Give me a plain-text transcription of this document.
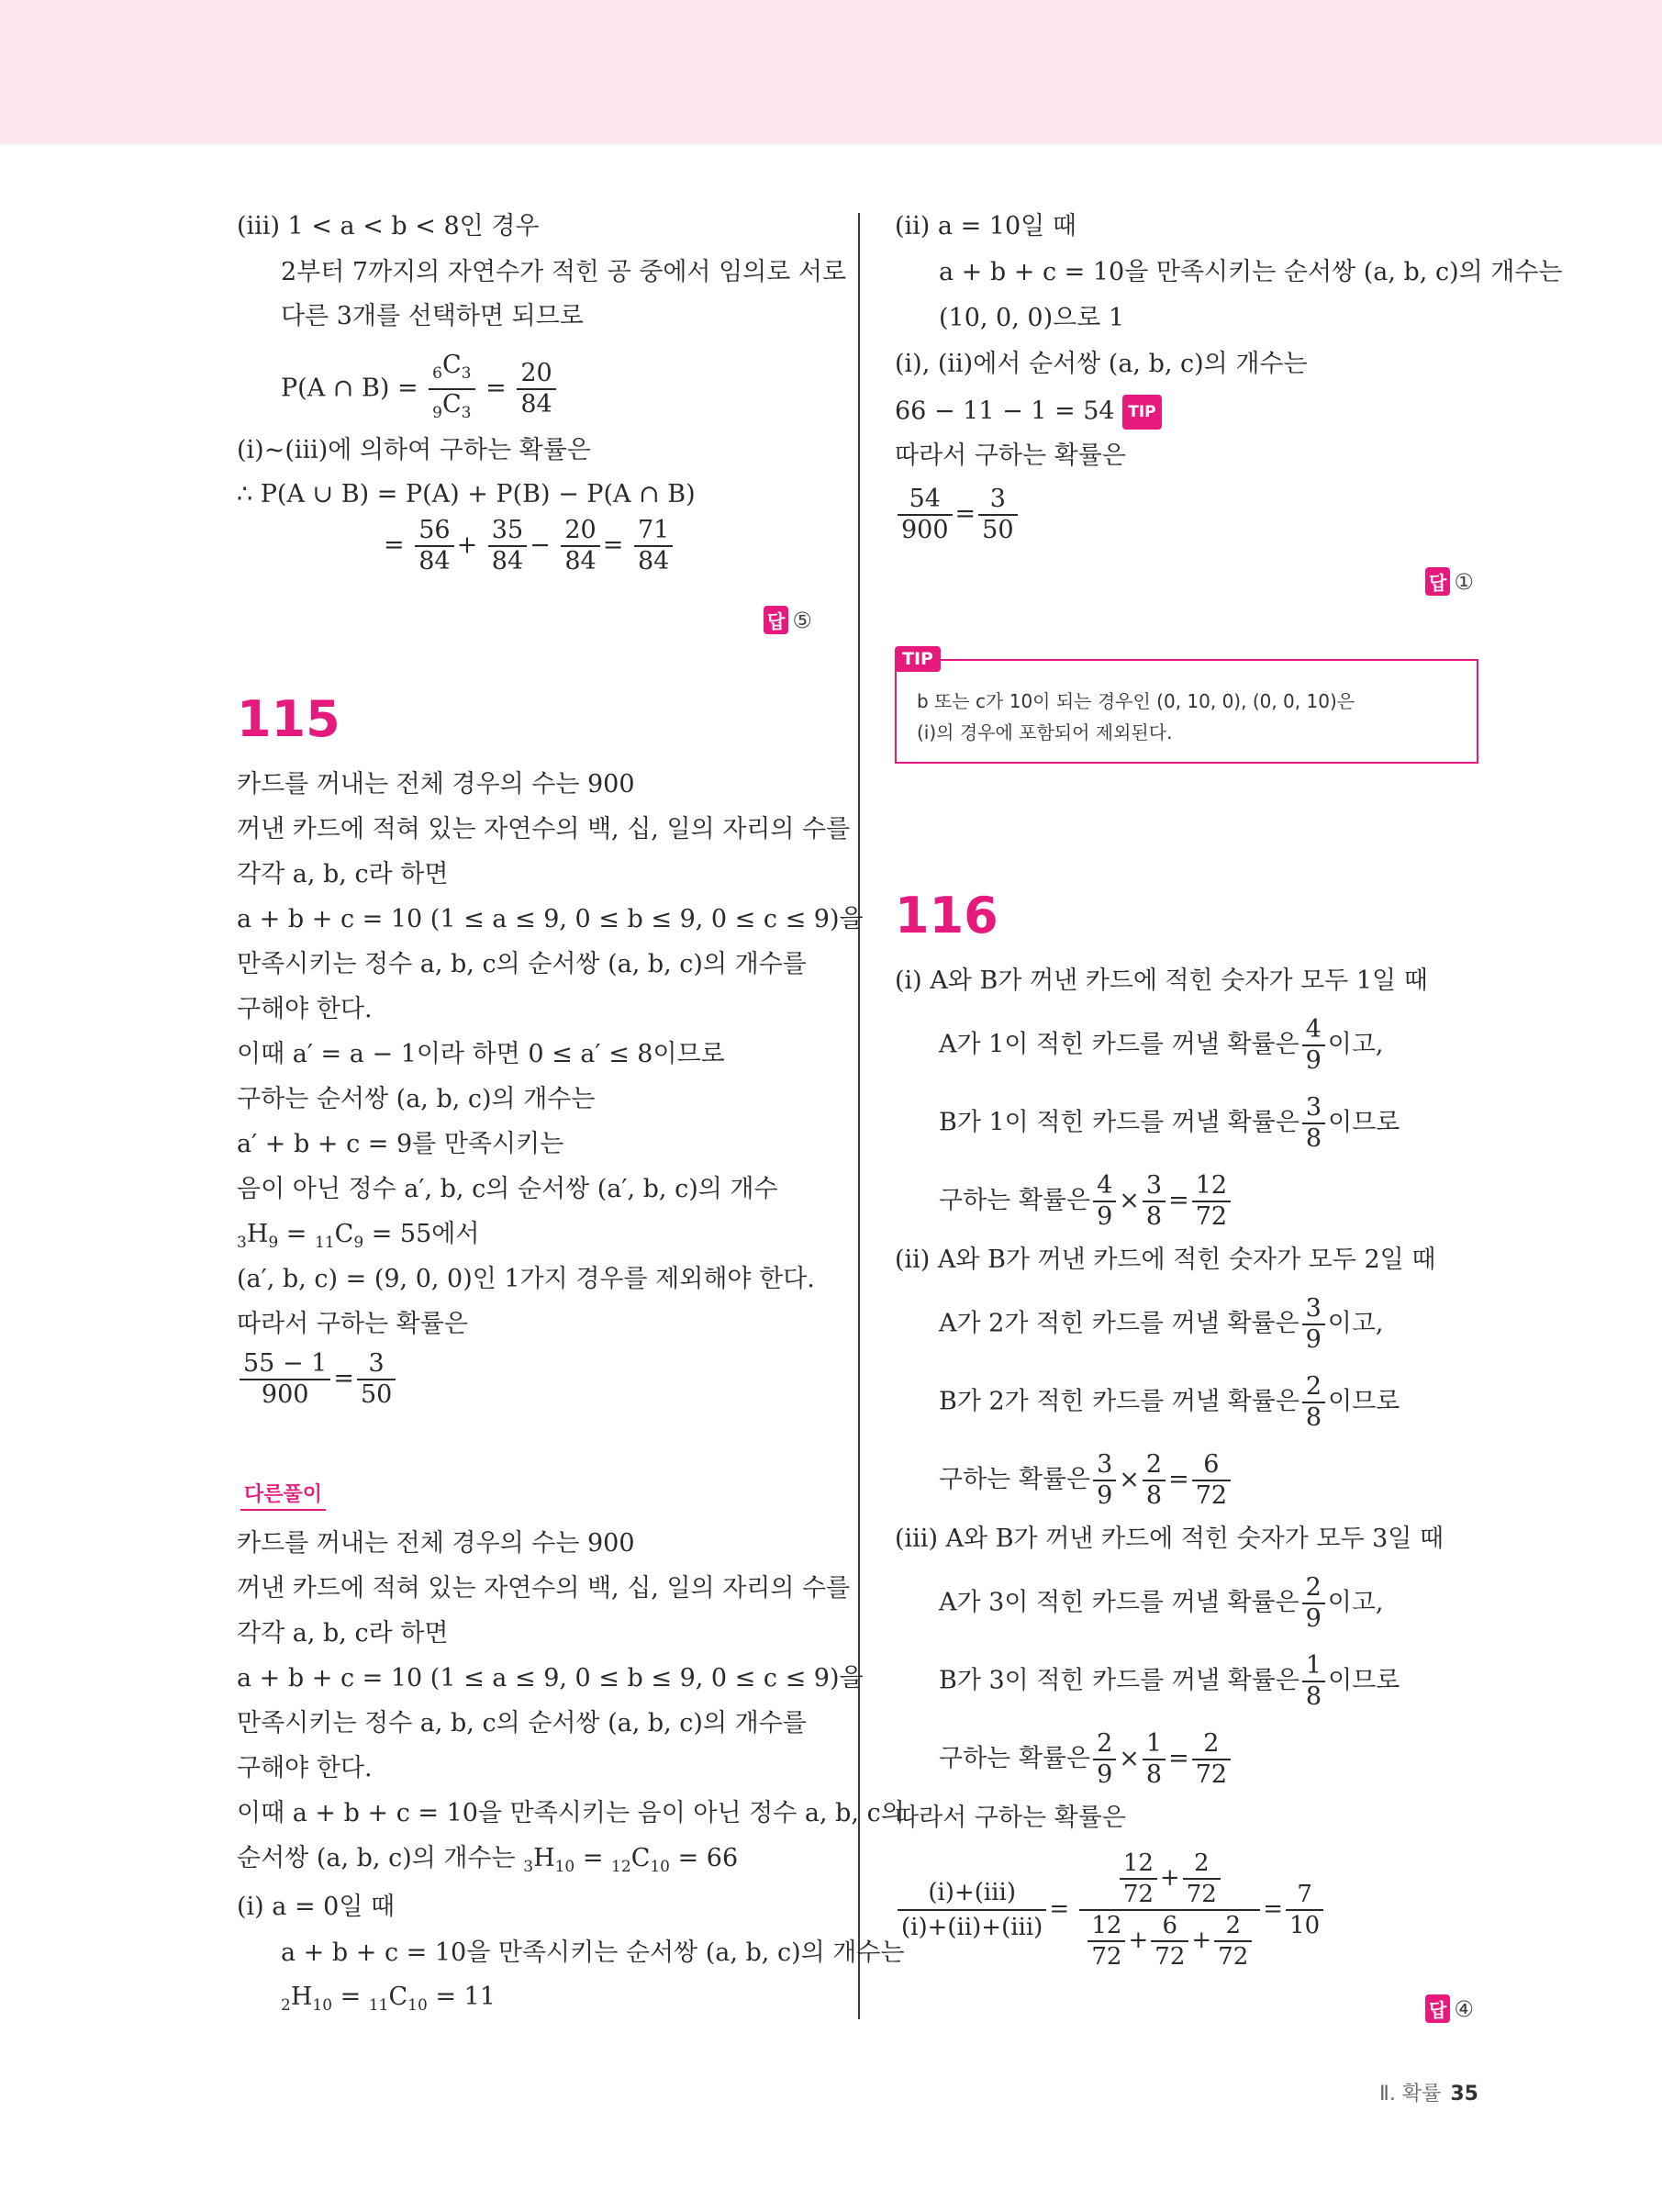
(ⅲ) 1 < a < b < 8인 경우
2부터 7까지의 자연수가 적힌 공 중에서 임의로 서로
다른 3개를 선택하면 되므로
P(A ∩ $B) = \frac{_6C_3}{_9C_3} = \frac{20}{84}$
(ⅰ)~(ⅲ)에 의하여 구하는 확률은
∴ P(A ∪ B) = P(A) + P(B) − P(A ∩ B)
= $\frac{56}{84} + \frac{35}{84} - \frac{20}{84} = \frac{71}{84}$
답 ⑤
115
카드를 꺼내는 전체 경우의 수는 900
꺼낸 카드에 적혀 있는 자연수의 백, 십, 일의 자리의 수를
각각 a, b, c라 하면
a + b + c = 10 (1 ≤ a ≤ 9, 0 ≤ b ≤ 9, 0 ≤ c ≤ 9)을
만족시키는 정수 a, b, c의 순서쌍 (a, b, c)의 개수를
구해야 한다.
이때 a′ = a − 1이라 하면 0 ≤ a′ ≤ 8이므로
구하는 순서쌍 (a, b, c)의 개수는
a′ + b + c = 9를 만족시키는
음이 아닌 정수 a′, b, c의 순서쌍 (a′, b, c)의 개수
$_3H_9 = _{11}C_9 = 55$에서
(a′, b, c) = (9, 0, 0)인 1가지 경우를 제외해야 한다.
따라서 구하는 확률은
$\frac{55 - 1}{900} = \frac{3}{50}$
다른풀이
카드를 꺼내는 전체 경우의 수는 900
꺼낸 카드에 적혀 있는 자연수의 백, 십, 일의 자리의 수를
각각 a, b, c라 하면
a + b + c = 10 (1 ≤ a ≤ 9, 0 ≤ b ≤ 9, 0 ≤ c ≤ 9)을
만족시키는 정수 a, b, c의 순서쌍 (a, b, c)의 개수를
구해야 한다.
이때 a + b + c = 10을 만족시키는 음이 아닌 정수 a, b, c의
순서쌍 (a, b, c)의 개수는 $_3H_{10} = _{12}C_{10} = 66$
(ⅰ) a = 0일 때
a + b + c = 10을 만족시키는 순서쌍 (a, b, c)의 개수는
$_2H_{10} = _{11}C_{10} = 11$
(ⅱ) a = 10일 때
a + b + c = 10을 만족시키는 순서쌍 (a, b, c)의 개수는
(10, 0, 0)으로 1
(ⅰ), (ⅱ)에서 순서쌍 (a, b, c)의 개수는
66 − 11 − 1 = 54 TIP
따라서 구하는 확률은
$\frac{54}{900} = \frac{3}{50}$
답 ①
TIP
b 또는 c가 10이 되는 경우인 (0, 10, 0), (0, 0, 10)은
(ⅰ)의 경우에 포함되어 제외된다.
116
(ⅰ) A와 B가 꺼낸 카드에 적힌 숫자가 모두 1일 때
A가 1이 적힌 카드를 꺼낼 확률은 $\frac{4}{9}$ 이고,
B가 1이 적힌 카드를 꺼낼 확률은 $\frac{3}{8}$ 이므로
구하는 확률은 $\frac{4}{9} \times \frac{3}{8} = \frac{12}{72}$
(ⅱ) A와 B가 꺼낸 카드에 적힌 숫자가 모두 2일 때
A가 2가 적힌 카드를 꺼낼 확률은 $\frac{3}{9}$ 이고,
B가 2가 적힌 카드를 꺼낼 확률은 $\frac{2}{8}$ 이므로
구하는 확률은 $\frac{3}{9} \times \frac{2}{8} = \frac{6}{72}$
(ⅲ) A와 B가 꺼낸 카드에 적힌 숫자가 모두 3일 때
A가 3이 적힌 카드를 꺼낼 확률은 $\frac{2}{9}$ 이고,
B가 3이 적힌 카드를 꺼낼 확률은 $\frac{1}{8}$ 이므로
구하는 확률은 $\frac{2}{9} \times \frac{1}{8} = \frac{2}{72}$
따라서 구하는 확률은
$\frac{\text{(ⅰ)+(ⅲ)}}{\text{(ⅰ)+(ⅱ)+(ⅲ)}} = \frac{\frac{12}{72} + \frac{2}{72}}{\frac{12}{72} + \frac{6}{72} + \frac{2}{72}} = \frac{7}{10}$
답 ④
Ⅱ. 확률 35
